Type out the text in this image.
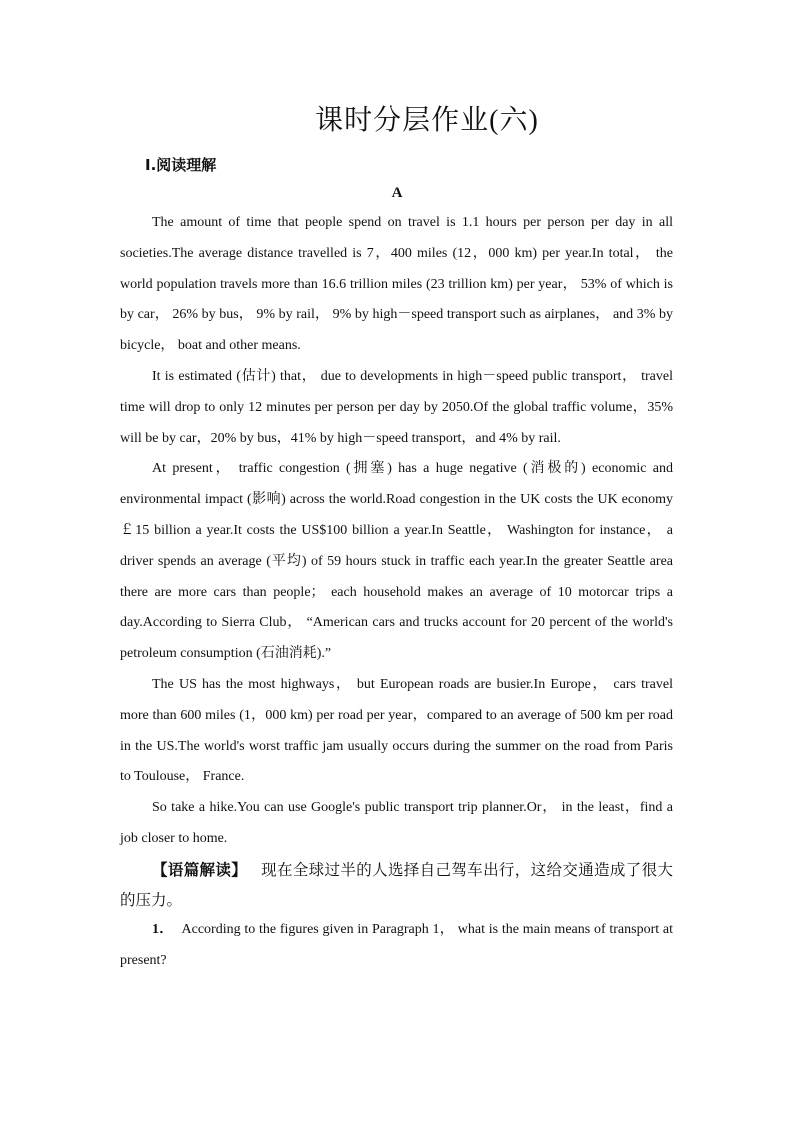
课时分层作业(六)
Ⅰ.阅读理解
A

The amount of time that people spend on travel is 1.1 hours per person per day in all societies.The average distance travelled is 7，400 miles (12，000 km) per year.In total， the world population travels more than 16.6 trillion miles (23 trillion km) per year， 53% of which is by car， 26% by bus， 9% by rail， 9% by high－speed transport such as airplanes， and 3% by bicycle， boat and other means.

It is estimated (估计) that， due to developments in high－speed public transport， travel time will drop to only 12 minutes per person per day by 2050.Of the global traffic volume，35% will be by car，20% by bus，41% by high－speed transport，and 4% by rail.

At present， traffic congestion (拥塞) has a huge negative (消极的) economic and environmental impact (影响) across the world.Road congestion in the UK costs the UK economy ￡15 billion a year.It costs the US$100 billion a year.In Seattle， Washington for instance， a driver spends an average (平均) of 59 hours stuck in traffic each year.In the greater Seattle area there are more cars than people； each household makes an average of 10 motorcar trips a day.According to Sierra Club， “American cars and trucks account for 20 percent of the world's petroleum consumption (石油消耗).”

The US has the most highways， but European roads are busier.In Europe， cars travel more than 600 miles (1，000 km) per road per year，compared to an average of 500 km per road in the US.The world's worst traffic jam usually occurs during the summer on the road from Paris to Toulouse， France.

So take a hike.You can use Google's public transport trip planner.Or， in the least，find a job closer to home.

【语篇解读】 现在全球过半的人选择自己驾车出行，这给交通造成了很大的压力。

1． According to the figures given in Paragraph 1， what is the main means of transport at present?
